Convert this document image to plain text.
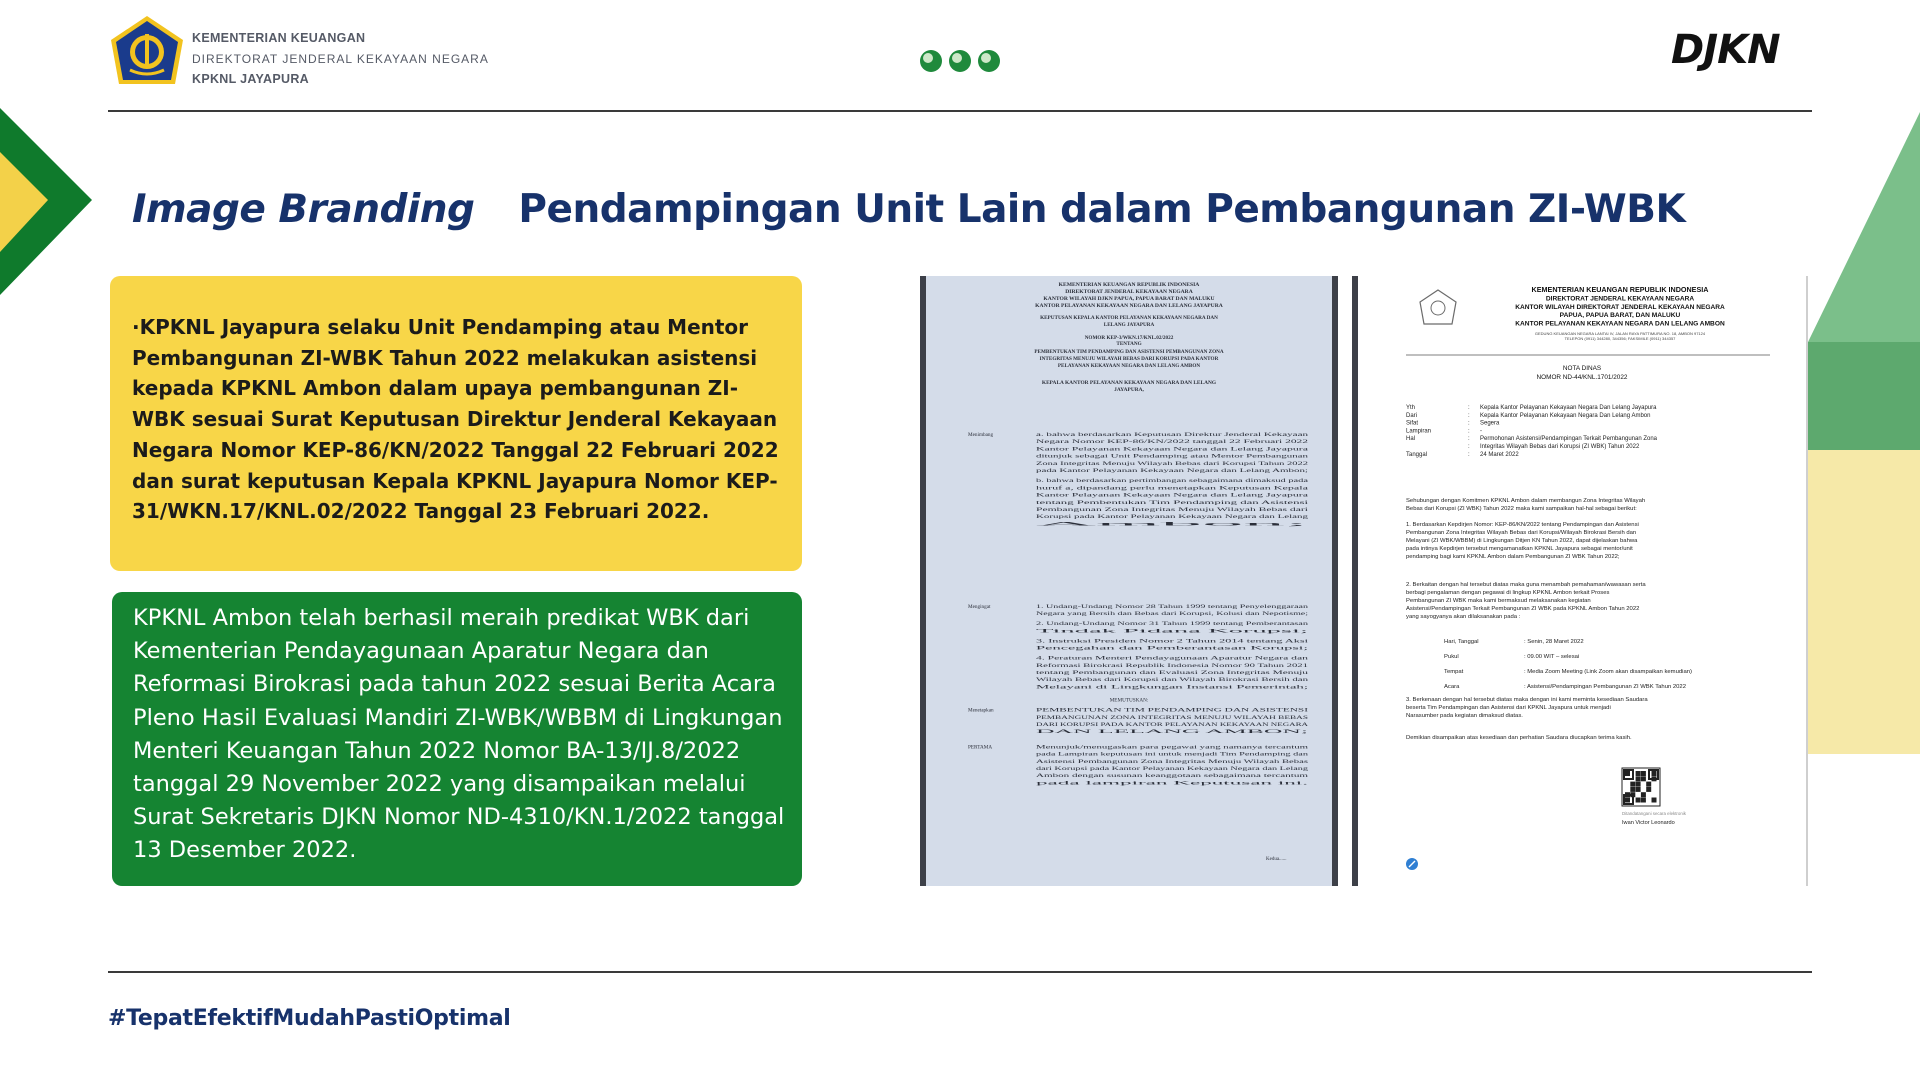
KEMENTERIAN KEUANGAN
DIREKTORAT JENDERAL KEKAYAAN NEGARA
KPKNL JAYAPURA
DJKN
Image Branding Pendampingan Unit Lain dalam Pembangunan ZI-WBK

·KPKNL Jayapura selaku Unit Pendamping atau Mentor Pembangunan ZI-WBK Tahun 2022 melakukan asistensi kepada KPKNL Ambon dalam upaya pembangunan ZI-WBK sesuai Surat Keputusan Direktur Jenderal Kekayaan Negara Nomor KEP-86/KN/2022 Tanggal 22 Februari 2022 dan surat keputusan Kepala KPKNL Jayapura Nomor KEP-31/WKN.17/KNL.02/2022 Tanggal 23 Februari 2022.

KPKNL Ambon telah berhasil meraih predikat WBK dari Kementerian Pendayagunaan Aparatur Negara dan Reformasi Birokrasi pada tahun 2022 sesuai Berita Acara Pleno Hasil Evaluasi Mandiri ZI-WBK/WBBM di Lingkungan Menteri Keuangan Tahun 2022 Nomor BA-13/IJ.8/2022 tanggal 29 November 2022 yang disampaikan melalui Surat Sekretaris DJKN Nomor ND-4310/KN.1/2022 tanggal 13 Desember 2022.

KEMENTERIAN KEUANGAN REPUBLIK INDONESIA
DIREKTORAT JENDERAL KEKAYAAN NEGARA
KANTOR WILAYAH DJKN PAPUA, PAPUA BARAT DAN MALUKU
KANTOR PELAYANAN KEKAYAAN NEGARA DAN LELANG JAYAPURA
KEPUTUSAN KEPALA KANTOR PELAYANAN KEKAYAAN NEGARA DAN
LELANG JAYAPURA
NOMOR KEP-3/WKN.17/KNL.02/2022
TENTANG
PEMBENTUKAN TIM PENDAMPING DAN ASISTENSI PEMBANGUNAN ZONA
INTEGRITAS MENUJU WILAYAH BEBAS DARI KORUPSI PADA KANTOR
PELAYANAN KEKAYAAN NEGARA DAN LELANG AMBON
KEPALA KANTOR PELAYANAN KEKAYAAN NEGARA DAN LELANG
JAYAPURA,
Menimbang	a. bahwa berdasarkan Keputusan Direktur Jenderal Kekayaan
Negara Nomor KEP-86/KN/2022 tanggal 22 Februari 2022
Kantor Pelayanan Kekayaan Negara dan Lelang Jayapura
ditunjuk sebagai Unit Pendamping atau Mentor Pembangunan
Zona Integritas Menuju Wilayah Bebas dari Korupsi Tahun 2022
pada Kantor Pelayanan Kekayaan Negara dan Lelang Ambon;
b. bahwa berdasarkan pertimbangan sebagaimana dimaksud pada
huruf a, dipandang perlu menetapkan Keputusan Kepala
Kantor Pelayanan Kekayaan Negara dan Lelang Jayapura
tentang Pembentukan Tim Pendamping dan Asistensi
Pembangunan Zona Integritas Menuju Wilayah Bebas dari
Korupsi pada Kantor Pelayanan Kekayaan Negara dan Lelang
Ambon;
Mengingat	1. Undang-Undang Nomor 28 Tahun 1999 tentang Penyelenggaraan
Negara yang Bersih dan Bebas dari Korupsi, Kolusi dan Nepotisme;
2. Undang-Undang Nomor 31 Tahun 1999 tentang Pemberantasan
Tindak Pidana Korupsi;
3. Instruksi Presiden Nomor 2 Tahun 2014 tentang Aksi
Pencegahan dan Pemberantasan Korupsi;
4. Peraturan Menteri Pendayagunaan Aparatur Negara dan
Reformasi Birokrasi Republik Indonesia Nomor 90 Tahun 2021
tentang Pembangunan dan Evaluasi Zona Integritas Menuju
Wilayah Bebas dari Korupsi dan Wilayah Birokrasi Bersih dan
Melayani di Lingkungan Instansi Pemerintah;
MEMUTUSKAN:
Menetapkan	PEMBENTUKAN TIM PENDAMPING DAN ASISTENSI
PEMBANGUNAN ZONA INTEGRITAS MENUJU WILAYAH BEBAS
DARI KORUPSI PADA KANTOR PELAYANAN KEKAYAAN NEGARA
DAN LELANG AMBON;
PERTAMA	Menunjuk/menugaskan para pegawai yang namanya tercantum
pada Lampiran keputusan ini untuk menjadi Tim Pendamping dan
Asistensi Pembangunan Zona Integritas Menuju Wilayah Bebas
dari Korupsi pada Kantor Pelayanan Kekayaan Negara dan Lelang
Ambon dengan susunan keanggotaan sebagaimana tercantum
pada lampiran Keputusan ini.
Kedua......
KEMENTERIAN KEUANGAN REPUBLIK INDONESIA
DIREKTORAT JENDERAL KEKAYAAN NEGARA
KANTOR WILAYAH DIREKTORAT JENDERAL KEKAYAAN NEGARA
PAPUA, PAPUA BARAT, DAN MALUKU
KANTOR PELAYANAN KEKAYAAN NEGARA DAN LELANG AMBON
GEDUNG KEUANGAN NEGARA LANTAI IV, JALAN RAYA PATTIMURA NO. 18, AMBON 97124
TELEPON (0911) 344280, 344356; FAKSIMILE (0911) 344357
NOTA DINAS
NOMOR ND-44/KNL.1701/2022
Yth	: Kepala Kantor Pelayanan Kekayaan Negara Dan Lelang Jayapura
Dari	: Kepala Kantor Pelayanan Kekayaan Negara Dan Lelang Ambon
Sifat	: Segera
Lampiran	: -
Hal	: Permohonan Asistensi/Pendampingan Terkait Pembangunan Zona
: Integritas Wilayah Bebas dari Korupsi (ZI WBK) Tahun 2022
Tanggal	: 24 Maret 2022
Sehubungan dengan Komitmen KPKNL Ambon dalam membangun Zona Integritas Wilayah
Bebas dari Korupsi (ZI WBK) Tahun 2022 maka kami sampaikan hal-hal sebagai berikut:
1. Berdasarkan Kepdirjen Nomor: KEP-86/KN/2022 tentang Pendampingan dan Asistensi
Pembangunan Zona Integritas Wilayah Bebas dari Korupsi/Wilayah Birokrasi Bersih dan
Melayani (ZI WBK/WBBM) di Lingkungan Ditjen KN Tahun 2022, dapat dijelaskan bahwa
pada intinya Kepdirjen tersebut mengamanatkan KPKNL Jayapura sebagai mentor/unit
pendamping bagi kami KPKNL Ambon dalam Pembangunan ZI WBK Tahun 2022;
2. Berkaitan dengan hal tersebut diatas maka guna menambah pemahaman/wawasan serta
berbagi pengalaman dengan pegawai di lingkup KPKNL Ambon terkait Proses
Pembangunan ZI WBK maka kami bermaksud melaksanakan kegiatan
Asistensi/Pendampingan Terkait Pembangunan ZI WBK pada KPKNL Ambon Tahun 2022
yang sayogyanya akan dilaksanakan pada :
Hari, Tanggal	: Senin, 28 Maret 2022
Pukul	: 09.00 WIT – selesai
Tempat	: Media Zoom Meeting (Link Zoom akan disampaikan kemudian)
Acara	: Asistensi/Pendampingan Pembangunan ZI WBK Tahun 2022
3. Berkenaan dengan hal tersebut diatas maka dengan ini kami meminta kesediaan Saudara
beserta Tim Pendampingan dan Asistensi dari KPKNL Jayapura untuk menjadi
Narasumber pada kegiatan dimaksud diatas.
Demikian disampaikan atas kesediaan dan perhatian Saudara diucapkan terima kasih.
Ditandatangani secara elektronik
Iwan Victor Leonardo
#TepatEfektifMudahPastiOptimal
